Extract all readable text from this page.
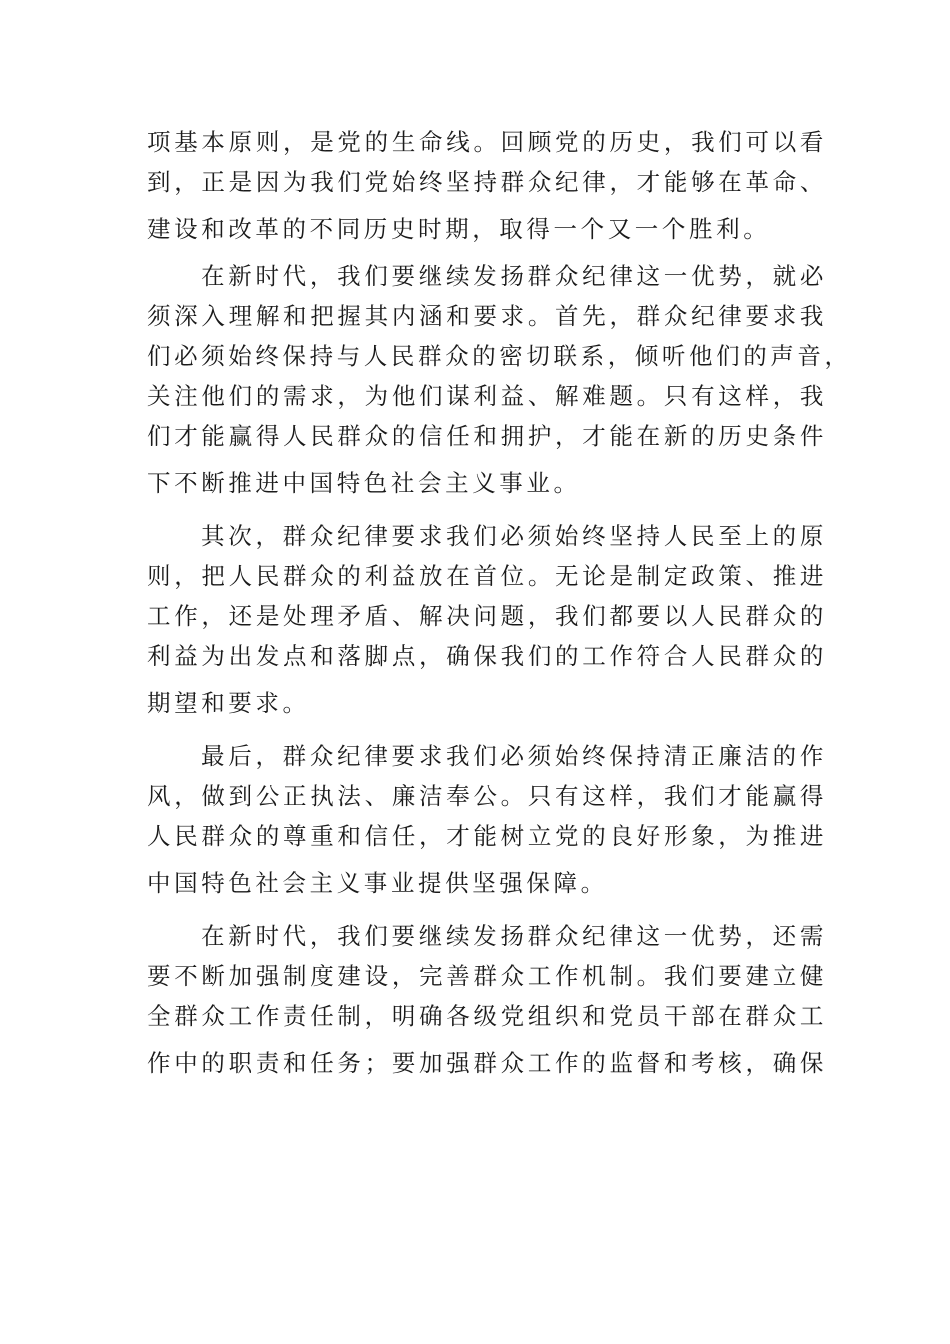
项基本原则，是党的生命线。回顾党的历史，我们可以看
到，正是因为我们党始终坚持群众纪律，才能够在革命、
建设和改革的不同历史时期，取得一个又一个胜利。
在新时代，我们要继续发扬群众纪律这一优势，就必
须深入理解和把握其内涵和要求。首先，群众纪律要求我
们必须始终保持与人民群众的密切联系，倾听他们的声音，
关注他们的需求，为他们谋利益、解难题。只有这样，我
们才能赢得人民群众的信任和拥护，才能在新的历史条件
下不断推进中国特色社会主义事业。
其次，群众纪律要求我们必须始终坚持人民至上的原
则，把人民群众的利益放在首位。无论是制定政策、推进
工作，还是处理矛盾、解决问题，我们都要以人民群众的
利益为出发点和落脚点，确保我们的工作符合人民群众的
期望和要求。
最后，群众纪律要求我们必须始终保持清正廉洁的作
风，做到公正执法、廉洁奉公。只有这样，我们才能赢得
人民群众的尊重和信任，才能树立党的良好形象，为推进
中国特色社会主义事业提供坚强保障。
在新时代，我们要继续发扬群众纪律这一优势，还需
要不断加强制度建设，完善群众工作机制。我们要建立健
全群众工作责任制，明确各级党组织和党员干部在群众工
作中的职责和任务；要加强群众工作的监督和考核，确保
